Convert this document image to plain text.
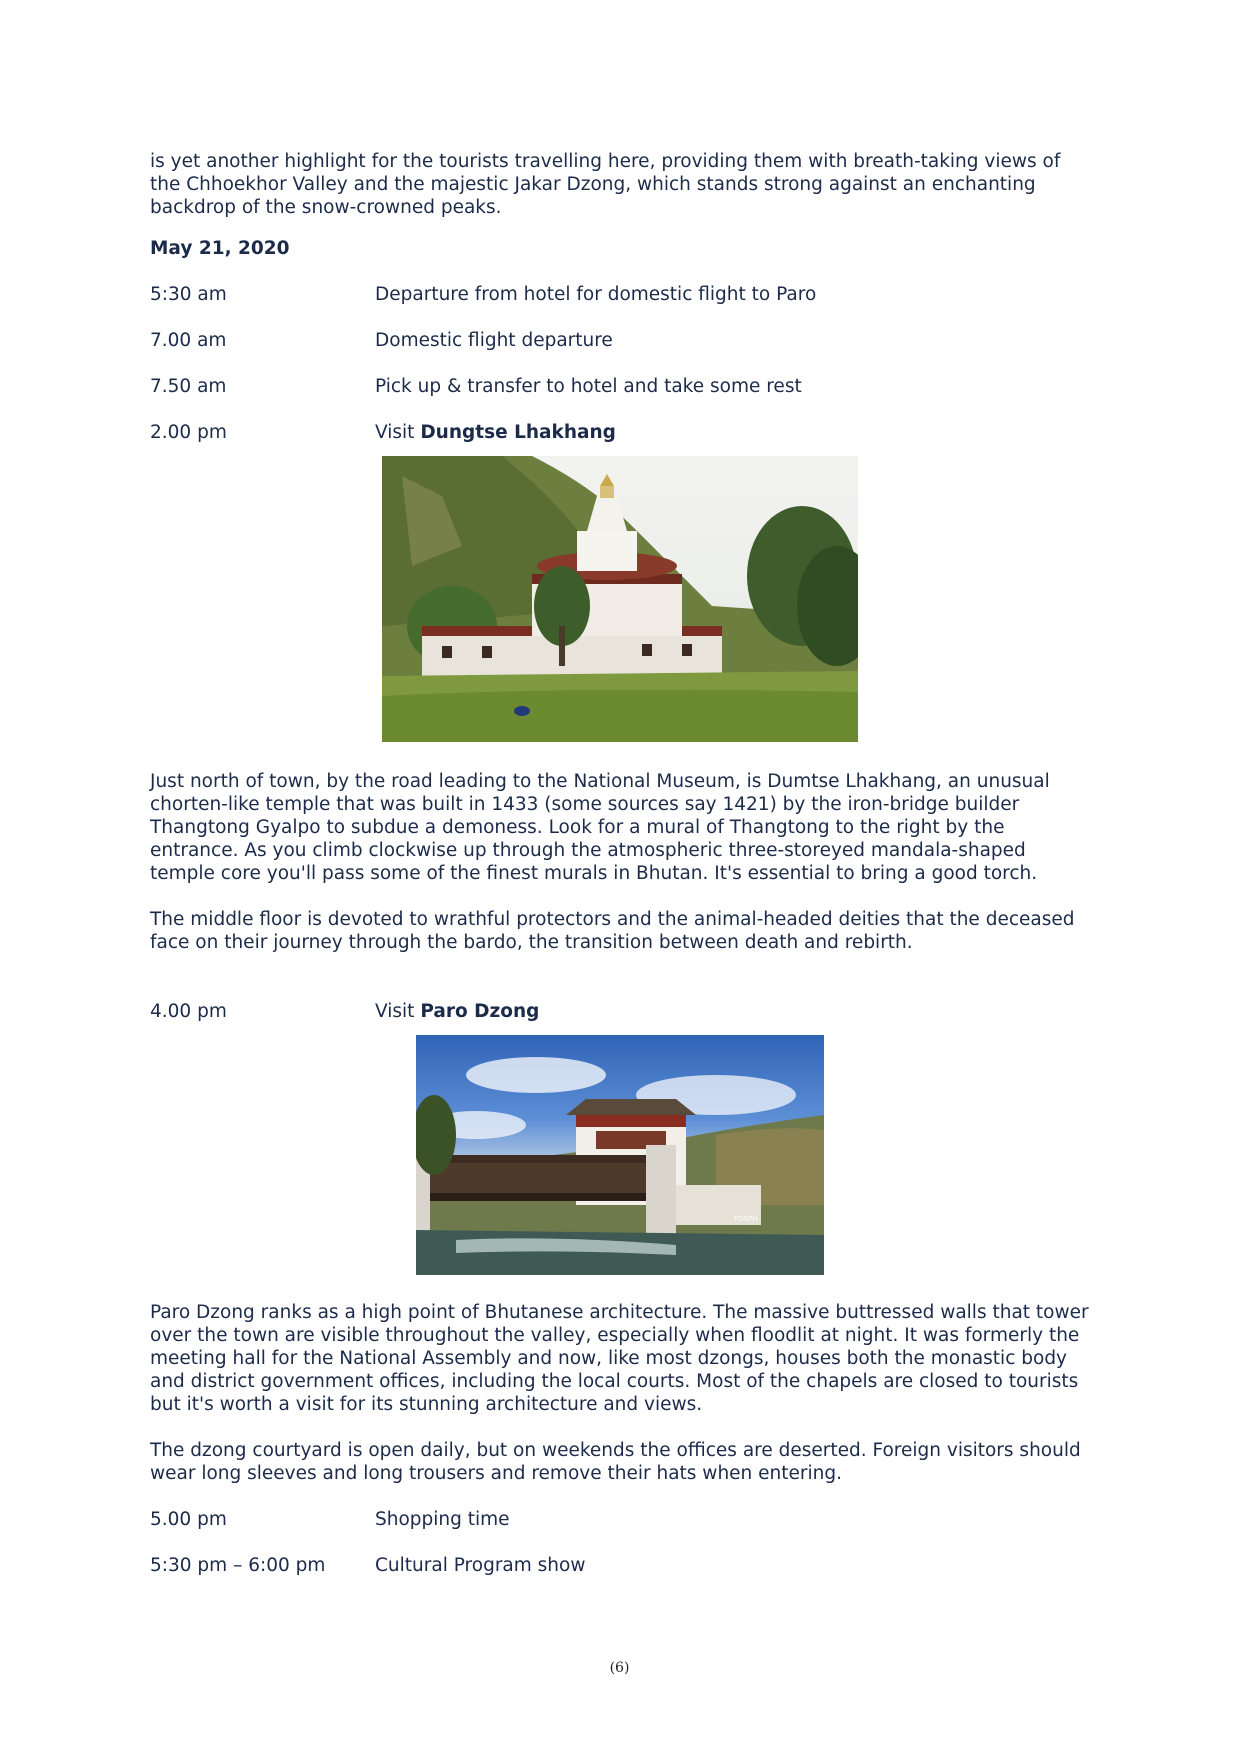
is yet another highlight for the tourists travelling here, providing them with breath-taking views of the Chhoekhor Valley and the majestic Jakar Dzong, which stands strong against an enchanting backdrop of the snow-crowned peaks.

May 21, 2020
5:30 am	Departure from hotel for domestic flight to Paro
7.00 am	Domestic flight departure
7.50 am	Pick up & transfer to hotel and take some rest
2.00 pm	Visit Dungtse Lhakhang

Just north of town, by the road leading to the National Museum, is Dumtse Lhakhang, an unusual chorten-like temple that was built in 1433 (some sources say 1421) by the iron-bridge builder Thangtong Gyalpo to subdue a demoness. Look for a mural of Thangtong to the right by the entrance. As you climb clockwise up through the atmospheric three-storeyed mandala-shaped temple core you'll pass some of the finest murals in Bhutan. It's essential to bring a good torch.

The middle floor is devoted to wrathful protectors and the animal-headed deities that the deceased face on their journey through the bardo, the transition between death and rebirth.

4.00 pm	Visit Paro Dzong
FDSPH

Paro Dzong ranks as a high point of Bhutanese architecture. The massive buttressed walls that tower over the town are visible throughout the valley, especially when floodlit at night. It was formerly the meeting hall for the National Assembly and now, like most dzongs, houses both the monastic body and district government offices, including the local courts. Most of the chapels are closed to tourists but it's worth a visit for its stunning architecture and views.

The dzong courtyard is open daily, but on weekends the offices are deserted. Foreign visitors should wear long sleeves and long trousers and remove their hats when entering.

5.00 pm	Shopping time
5:30 pm – 6:00 pm	Cultural Program show
(6)
